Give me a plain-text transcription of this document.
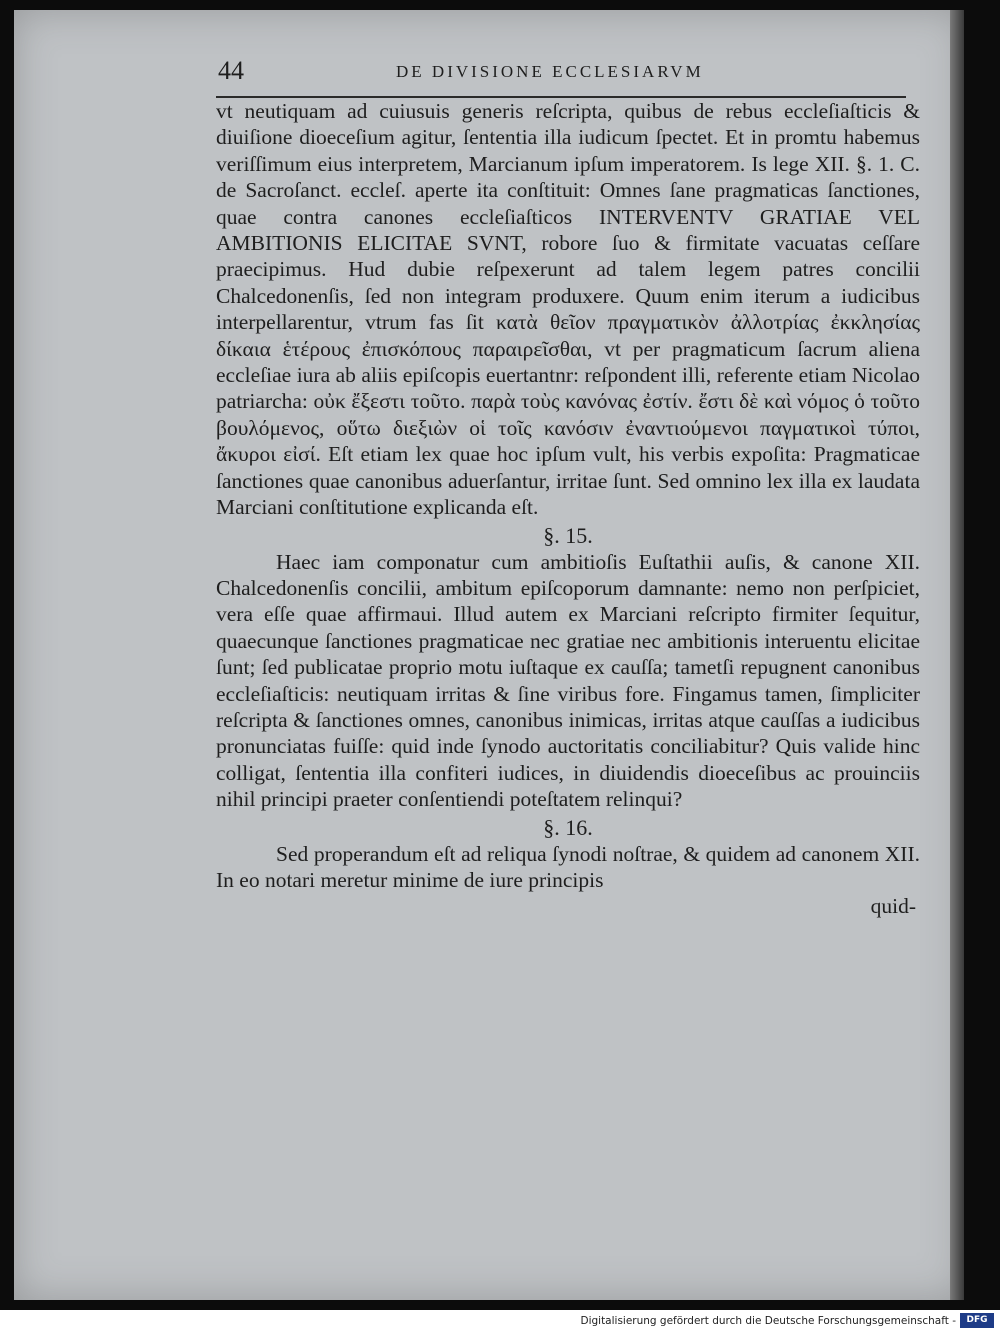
44	DE DIVISIONE ECCLESIARVM

vt neutiquam ad cuiusuis generis reſcripta, quibus de rebus eccleſiaſticis & diuiſione dioeceſium agitur, ſententia illa iudicum ſpectet. Et in promtu habemus veriſſimum eius interpretem, Marcianum ipſum imperatorem. Is lege XII. §. 1. C. de Sacroſanct. eccleſ. aperte ita conſtituit: Omnes ſane pragmaticas ſanctiones, quae contra canones eccleſiaſticos INTERVENTV GRATIAE VEL AMBITIONIS ELICITAE SVNT, robore ſuo & firmitate vacuatas ceſſare praecipimus. Hud dubie reſpexerunt ad talem legem patres concilii Chalcedonenſis, ſed non integram produxere. Quum enim iterum a iudicibus interpellarentur, vtrum fas ſit κατὰ θεῖον πραγματικὸν ἀλλοτρίας ἐκκλησίας δίκαια ἑτέρους ἐπισκόπους παραιρεῖσθαι, vt per pragmaticum ſacrum aliena eccleſiae iura ab aliis epiſcopis euertantnr: reſpondent illi, referente etiam Nicolao patriarcha: οὐκ ἔξεστι τοῦτο. παρὰ τοὺς κανόνας ἐστίν. ἔστι δὲ καὶ νόμος ὁ τοῦτο βουλόμενος, οὕτω διεξιὼν οἱ τοῖς κανόσιν ἐναντιούμενοι παγματικοὶ τύποι, ἄκυροι εἰσί. Eſt etiam lex quae hoc ipſum vult, his verbis expoſita: Pragmaticae ſanctiones quae canonibus aduerſantur, irritae ſunt. Sed omnino lex illa ex laudata Marciani conſtitutione explicanda eſt.

§. 15.

Haec iam componatur cum ambitioſis Euſtathii auſis, & canone XII. Chalcedonenſis concilii, ambitum epiſcoporum damnante: nemo non perſpiciet, vera eſſe quae affirmaui. Illud autem ex Marciani reſcripto firmiter ſequitur, quaecunque ſanctiones pragmaticae nec gratiae nec ambitionis interuentu elicitae ſunt; ſed publicatae proprio motu iuſtaque ex cauſſa; tametſi repugnent canonibus eccleſiaſticis: neutiquam irritas & ſine viribus fore. Fingamus tamen, ſimpliciter reſcripta & ſanctiones omnes, canonibus inimicas, irritas atque cauſſas a iudicibus pronunciatas fuiſſe: quid inde ſynodo auctoritatis conciliabitur? Quis valide hinc colligat, ſententia illa confiteri iudices, in diuidendis dioeceſibus ac prouinciis nihil principi praeter conſentiendi poteſtatem relinqui?

§. 16.

Sed properandum eſt ad reliqua ſynodi noſtrae, & quidem ad canonem XII. In eo notari meretur minime de iure principis

quid-
Digitalisierung gefördert durch die Deutsche Forschungsgemeinschaft -	DFG
